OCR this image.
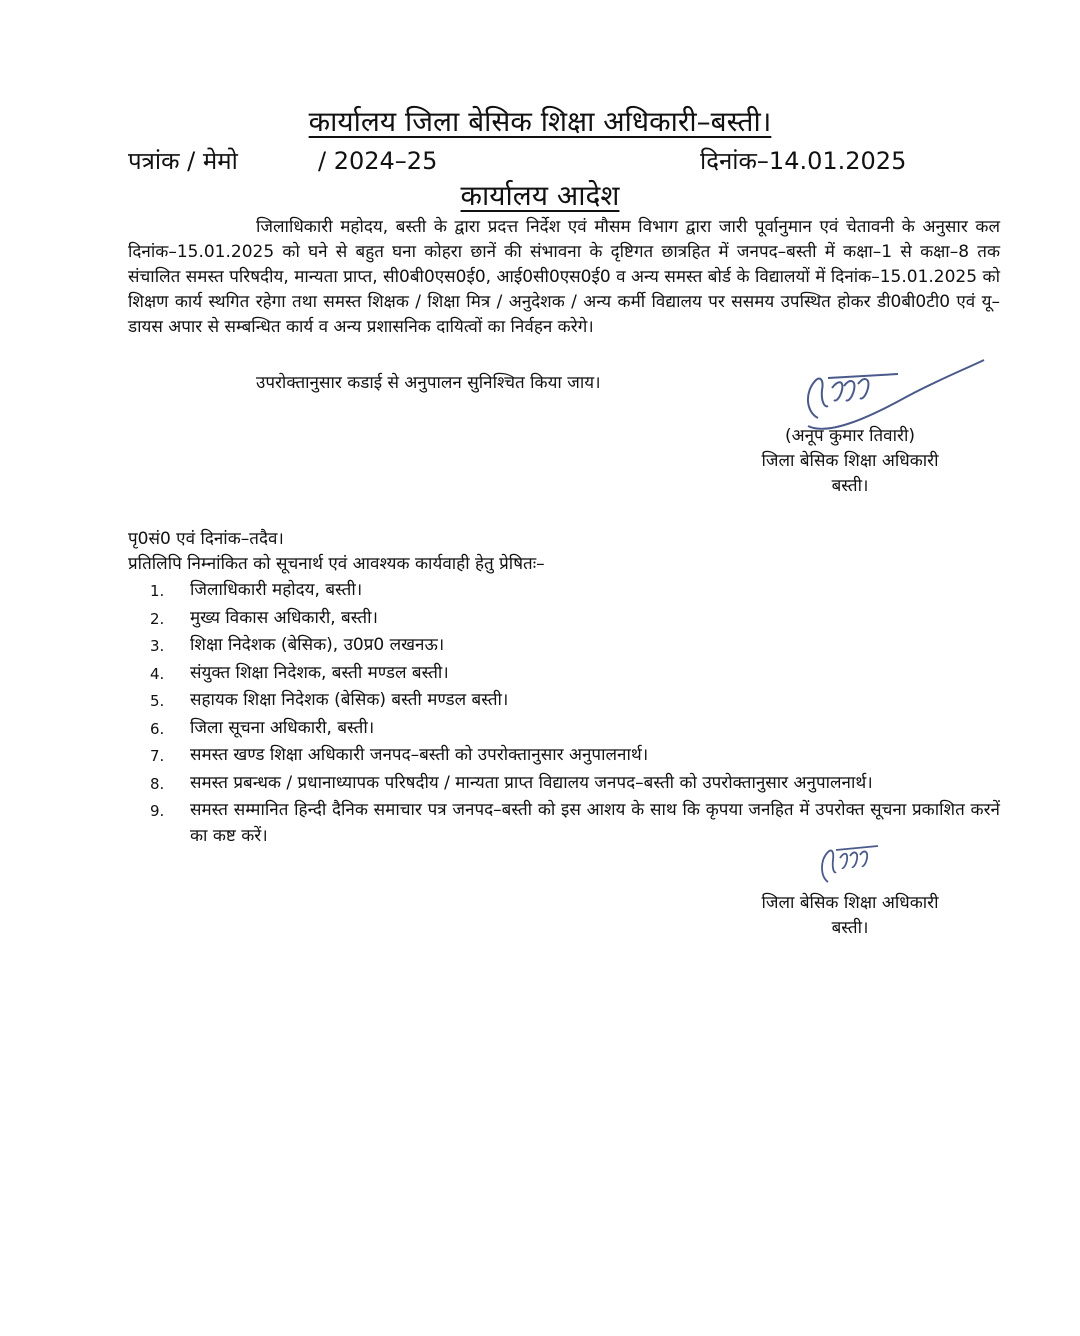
कार्यालय जिला बेसिक शिक्षा अधिकारी–बस्ती।
पत्रांक / मेमो	/ 2024–25	दिनांक–14.01.2025
कार्यालय आदेश

जिलाधिकारी महोदय, बस्ती के द्वारा प्रदत्त निर्देश एवं मौसम विभाग द्वारा जारी पूर्वानुमान एवं चेतावनी के अनुसार कल दिनांक–15.01.2025 को घने से बहुत घना कोहरा छानें की संभावना के दृष्टिगत छात्रहित में जनपद–बस्ती में कक्षा–1 से कक्षा–8 तक संचालित समस्त परिषदीय, मान्यता प्राप्त, सी0बी0एस0ई0, आई0सी0एस0ई0 व अन्य समस्त बोर्ड के विद्यालयों में दिनांक–15.01.2025 को शिक्षण कार्य स्थगित रहेगा तथा समस्त शिक्षक / शिक्षा मित्र / अनुदेशक / अन्य कर्मी विद्यालय पर ससमय उपस्थित होकर डी0बी0टी0 एवं यू–डायस अपार से सम्बन्धित कार्य व अन्य प्रशासनिक दायित्वों का निर्वहन करेगे।

उपरोक्तानुसार कडाई से अनुपालन सुनिश्चित किया जाय।

(अनूप कुमार तिवारी)
जिला बेसिक शिक्षा अधिकारी
बस्ती।
पृ0सं0 एवं दिनांक–तदैव।
प्रतिलिपि निम्नांकित को सूचनार्थ एवं आवश्यक कार्यवाही हेतु प्रेषितः–
1.	जिलाधिकारी महोदय, बस्ती।
2.	मुख्य विकास अधिकारी, बस्ती।
3.	शिक्षा निदेशक (बेसिक), उ0प्र0 लखनऊ।
4.	संयुक्त शिक्षा निदेशक, बस्ती मण्डल बस्ती।
5.	सहायक शिक्षा निदेशक (बेसिक) बस्ती मण्डल बस्ती।
6.	जिला सूचना अधिकारी, बस्ती।
7.	समस्त खण्ड शिक्षा अधिकारी जनपद–बस्ती को उपरोक्तानुसार अनुपालनार्थ।
8.	समस्त प्रबन्धक / प्रधानाध्यापक परिषदीय / मान्यता प्राप्त विद्यालय जनपद–बस्ती को उपरोक्तानुसार अनुपालनार्थ।
9.	समस्त सम्मानित हिन्दी दैनिक समाचार पत्र जनपद–बस्ती को इस आशय के साथ कि कृपया जनहित में उपरोक्त सूचना प्रकाशित करनें का कष्ट करें।
जिला बेसिक शिक्षा अधिकारी
बस्ती।
